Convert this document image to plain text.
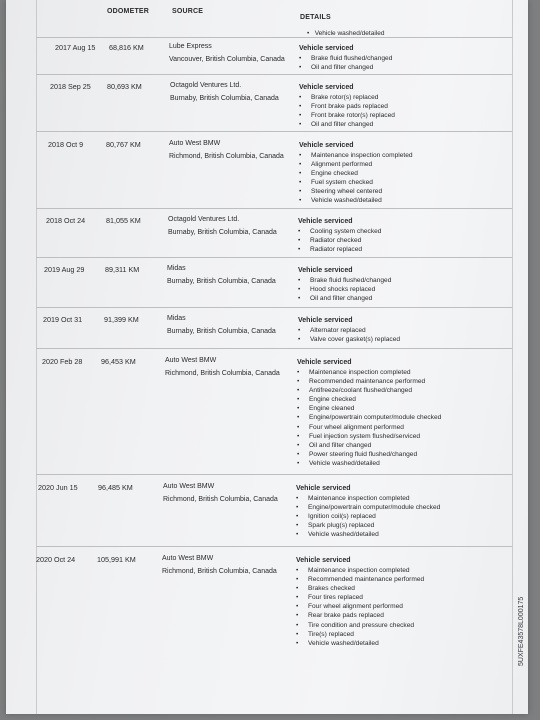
ODOMETER	SOURCE
DETAILS
•   Vehicle washed/detailed
2017 Aug 15 68,816 KM	Lube Express
Vancouver, British Columbia, Canada
Vehicle serviced
• Brake fluid flushed/changed
• Oil and filter changed
2018 Sep 25 80,693 KM	Octagold Ventures Ltd.
Burnaby, British Columbia, Canada
Vehicle serviced
• Brake rotor(s) replaced
• Front brake pads replaced
• Front brake rotor(s) replaced
• Oil and filter changed
2018 Oct 9	80,767 KM	Auto West BMW
Richmond, British Columbia, Canada
Vehicle serviced
• Maintenance inspection completed
• Alignment performed
• Engine checked
• Fuel system checked
• Steering wheel centered
• Vehicle washed/detailed
2018 Oct 24	81,055 KM	Octagold Ventures Ltd.
Burnaby, British Columbia, Canada
Vehicle serviced
• Cooling system checked
• Radiator checked
• Radiator replaced
2019 Aug 29	89,311 KM	Midas
Burnaby, British Columbia, Canada
Vehicle serviced
• Brake fluid flushed/changed
• Hood shocks replaced
• Oil and filter changed
2019 Oct 31	91,399 KM	Midas
Burnaby, British Columbia, Canada
Vehicle serviced
• Alternator replaced
• Valve cover gasket(s) replaced
2020 Feb 28	96,453 KM	Auto West BMW
Richmond, British Columbia, Canada
Vehicle serviced
• Maintenance inspection completed
• Recommended maintenance performed
• Antifreeze/coolant flushed/changed
• Engine checked
• Engine cleaned
• Engine/powertrain computer/module checked
• Four wheel alignment performed
• Fuel injection system flushed/serviced
• Oil and filter changed
• Power steering fluid flushed/changed
• Vehicle washed/detailed
2020 Jun 15	96,485 KM	Auto West BMW
Richmond, British Columbia, Canada
Vehicle serviced
• Maintenance inspection completed
• Engine/powertrain computer/module checked
• Ignition coil(s) replaced
• Spark plug(s) replaced
• Vehicle washed/detailed
2020 Oct 24	105,991 KM	Auto West BMW
Richmond, British Columbia, Canada
Vehicle serviced
• Maintenance inspection completed
• Recommended maintenance performed
• Brakes checked
• Four tires replaced
• Four wheel alignment performed
• Rear brake pads replaced
• Tire condition and pressure checked
• Tire(s) replaced
• Vehicle washed/detailed	5UXFE43578L000175
